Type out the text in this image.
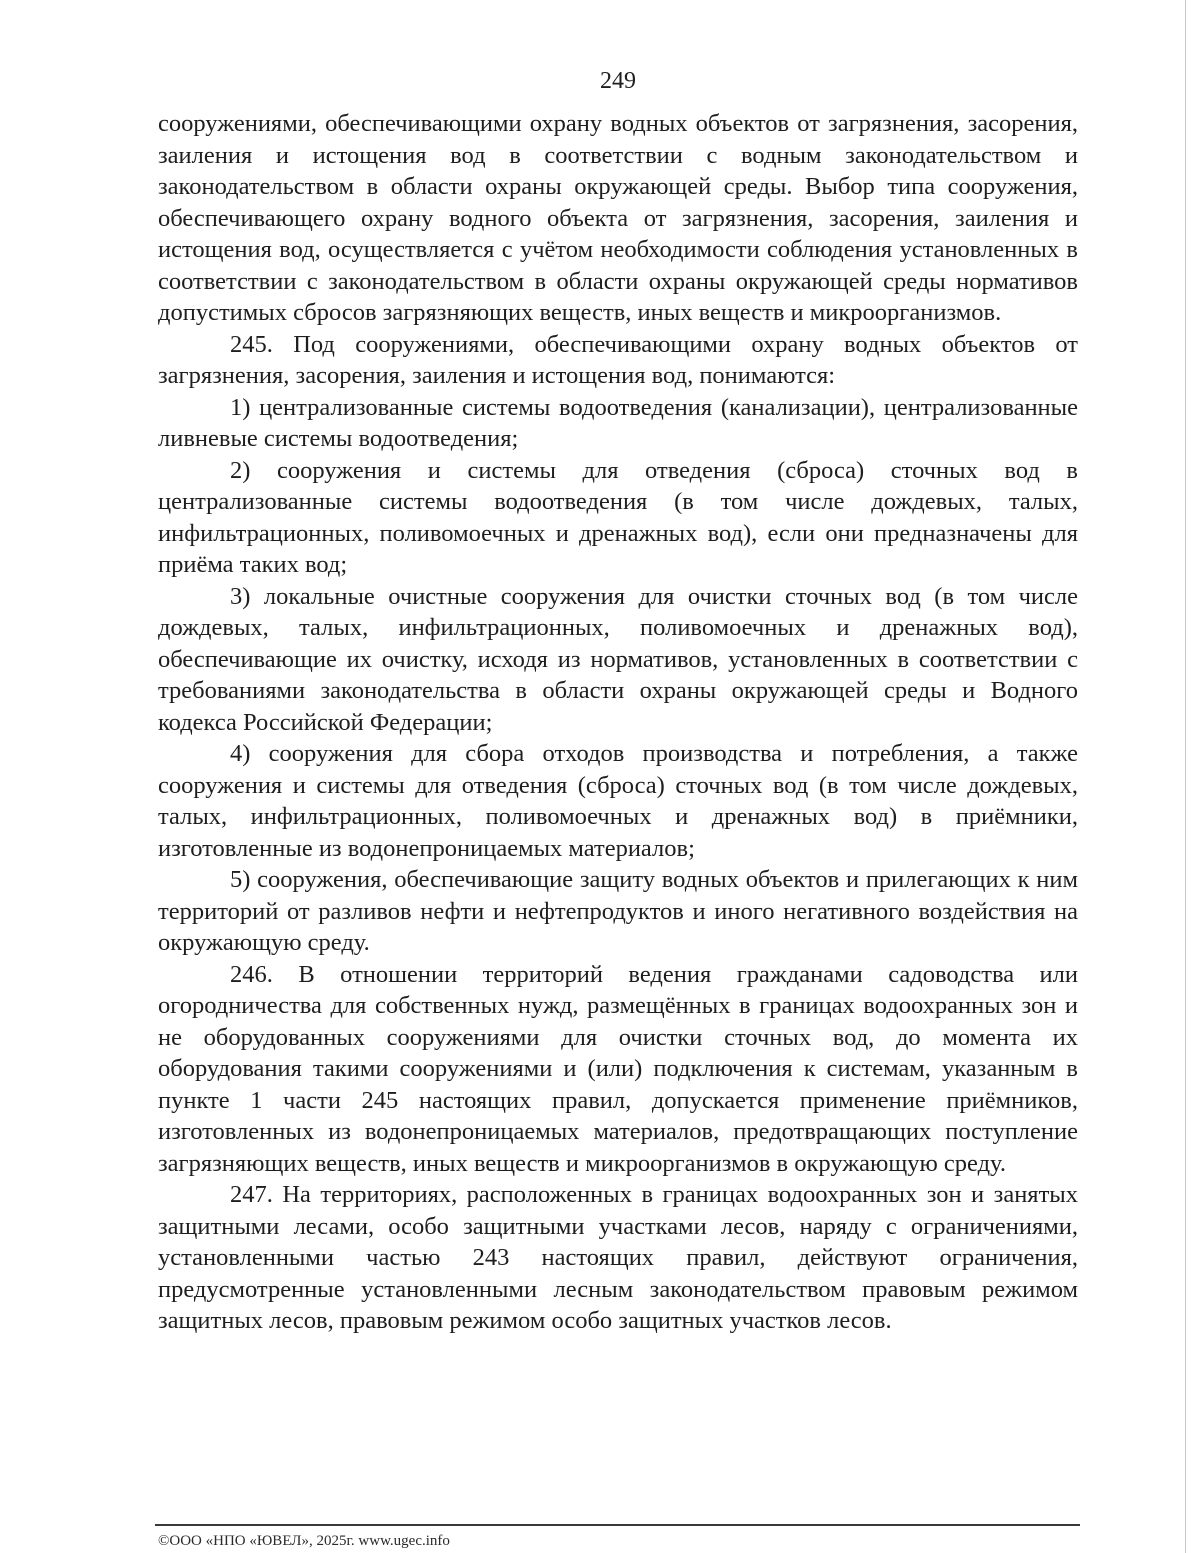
249

сооружениями, обеспечивающими охрану водных объектов от загрязнения, засорения, заиления и истощения вод в соответствии с водным законодательством и законодательством в области охраны окружающей среды. Выбор типа сооружения, обеспечивающего охрану водного объекта от загрязнения, засорения, заиления и истощения вод, осуществляется с учётом необходимости соблюдения установленных в соответствии с законодательством в области охраны окружающей среды нормативов допустимых сбросов загрязняющих веществ, иных веществ и микроорганизмов.

245. Под сооружениями, обеспечивающими охрану водных объектов от загрязнения, засорения, заиления и истощения вод, понимаются:

1) централизованные системы водоотведения (канализации), централизованные ливневые системы водоотведения;

2) сооружения и системы для отведения (сброса) сточных вод в централизованные системы водоотведения (в том числе дождевых, талых, инфильтрационных, поливомоечных и дренажных вод), если они предназначены для приёма таких вод;

3) локальные очистные сооружения для очистки сточных вод (в том числе дождевых, талых, инфильтрационных, поливомоечных и дренажных вод), обеспечивающие их очистку, исходя из нормативов, установленных в соответствии с требованиями законодательства в области охраны окружающей среды и Водного кодекса Российской Федерации;

4) сооружения для сбора отходов производства и потребления, а также сооружения и системы для отведения (сброса) сточных вод (в том числе дождевых, талых, инфильтрационных, поливомоечных и дренажных вод) в приёмники, изготовленные из водонепроницаемых материалов;

5) сооружения, обеспечивающие защиту водных объектов и прилегающих к ним территорий от разливов нефти и нефтепродуктов и иного негативного воздействия на окружающую среду.

246. В отношении территорий ведения гражданами садоводства или огородничества для собственных нужд, размещённых в границах водоохранных зон и не оборудованных сооружениями для очистки сточных вод, до момента их оборудования такими сооружениями и (или) подключения к системам, указанным в пункте 1 части 245 настоящих правил, допускается применение приёмников, изготовленных из водонепроницаемых материалов, предотвращающих поступление загрязняющих веществ, иных веществ и микроорганизмов в окружающую среду.

247. На территориях, расположенных в границах водоохранных зон и занятых защитными лесами, особо защитными участками лесов, наряду с ограничениями, установленными частью 243 настоящих правил, действуют ограничения, предусмотренные установленными лесным законодательством правовым режимом защитных лесов, правовым режимом особо защитных участков лесов.

©ООО «НПО «ЮВЕЛ», 2025г. www.ugec.info
